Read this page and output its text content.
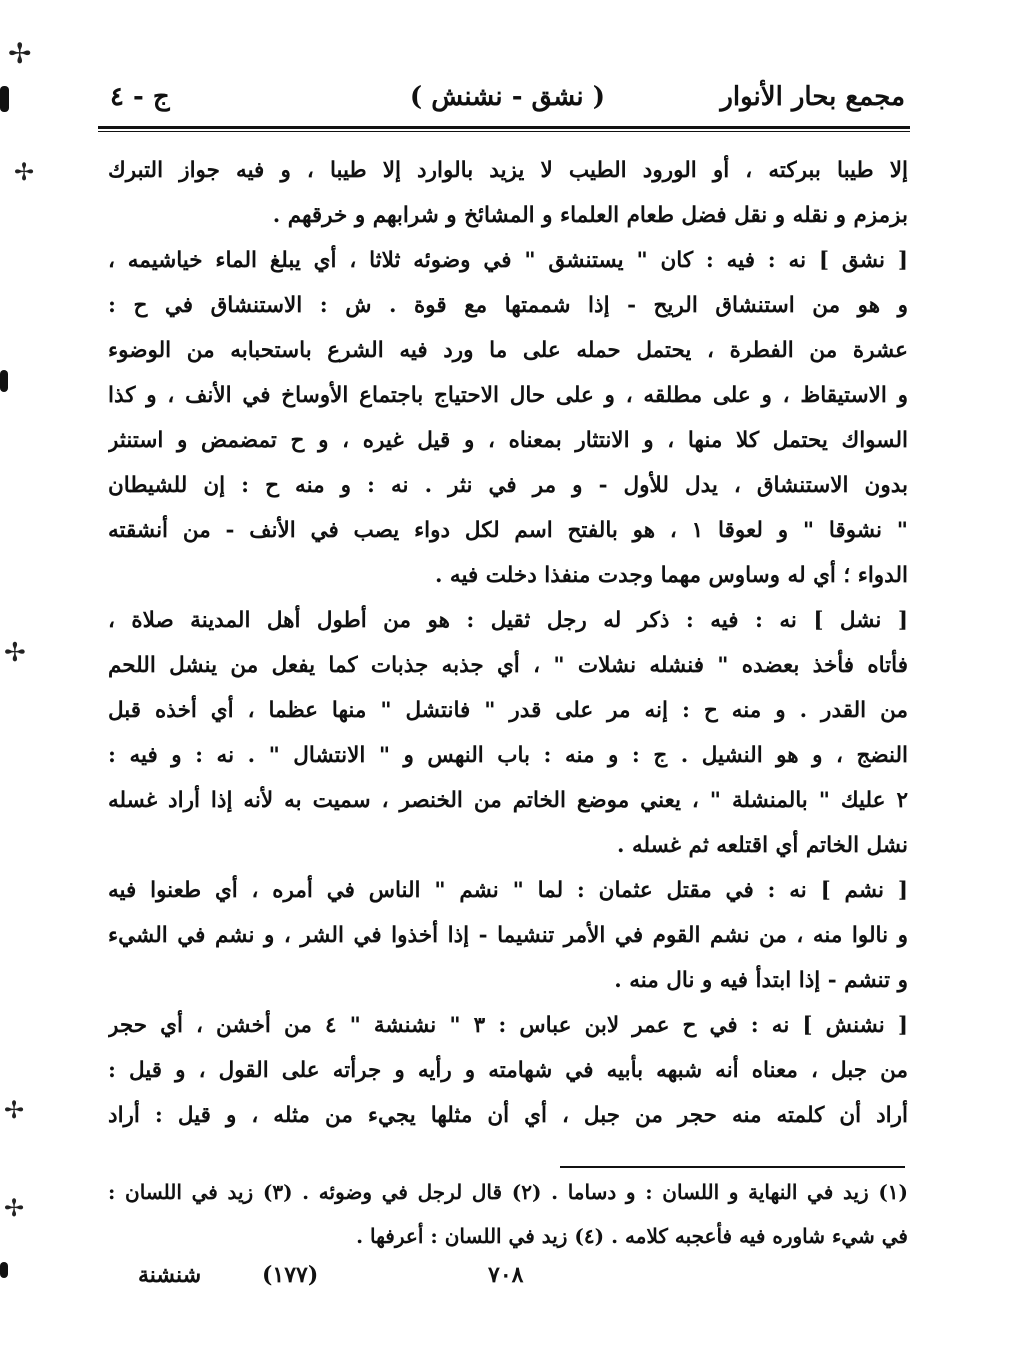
✢
✢
✢
✢
✢
مجمع بحار الأنوار
( نشق - نشنش )
ج - ٤
إلا طيبا ببركته ، أو الورود الطيب لا يزيد بالوارد إلا طيبا ، و فيه جواز التبرك
بزمزم و نقله و نقل فضل طعام العلماء و المشائخ و شرابهم و خرقهم .
[ نشق ] نه : فيه : كان " يستنشق " في وضوئه ثلاثا ، أي يبلغ الماء خياشيمه ،
و هو من استنشاق الريح - إذا شممتها مع قوة . ش : الاستنشاق في ح :
عشرة من الفطرة ، يحتمل حمله على ما ورد فيه الشرع باستحبابه من الوضوء
و الاستيقاظ ، و على مطلقه ، و على حال الاحتياج باجتماع الأوساخ في الأنف ، و كذا
السواك يحتمل كلا منها ، و الانتثار بمعناه ، و قيل غيره ، و ح تمضمض و استنثر
بدون الاستنشاق ، يدل للأول - و مر في نثر . نه : و منه ح : إن للشيطان
" نشوقا " و لعوقا ١ ، هو بالفتح اسم لكل دواء يصب في الأنف - من أنشقته
الدواء ؛ أي له وساوس مهما وجدت منفذا دخلت فيه .
[ نشل ] نه : فيه : ذكر له رجل ثقيل : هو من أطول أهل المدينة صلاة ،
فأتاه فأخذ بعضده " فنشله نشلات " ، أي جذبه جذبات كما يفعل من ينشل اللحم
من القدر . و منه ح : إنه مر على قدر " فانتشل " منها عظما ، أي أخذه قبل
النضج ، و هو النشيل . ج : و منه : باب النهس و " الانتشال " . نه : و فيه :
٢ عليك " بالمنشلة " ، يعني موضع الخاتم من الخنصر ، سميت به لأنه إذا أراد غسله
نشل الخاتم أي اقتلعه ثم غسله .
[ نشم ] نه : في مقتل عثمان : لما " نشم " الناس في أمره ، أي طعنوا فيه
و نالوا منه ، من نشم القوم في الأمر تنشيما - إذا أخذوا في الشر ، و نشم في الشيء
و تنشم - إذا ابتدأ فيه و نال منه .
[ نشنش ] نه : في ح عمر لابن عباس : ٣ " نشنشة " ٤ من أخشن ، أي حجر
من جبل ، معناه أنه شبهه بأبيه في شهامته و رأيه و جرأته على القول ، و قيل :
أراد أن كلمته منه حجر من جبل ، أي أن مثلها يجيء من مثله ، و قيل : أراد
(١) زيد في النهاية و اللسان : و دساما . (٢) قال لرجل في وضوئه . (٣) زيد في اللسان :
في شيء شاوره فيه فأعجبه كلامه . (٤) زيد في اللسان : أعرفها .
٧٠٨
(١٧٧)
شنشنة
